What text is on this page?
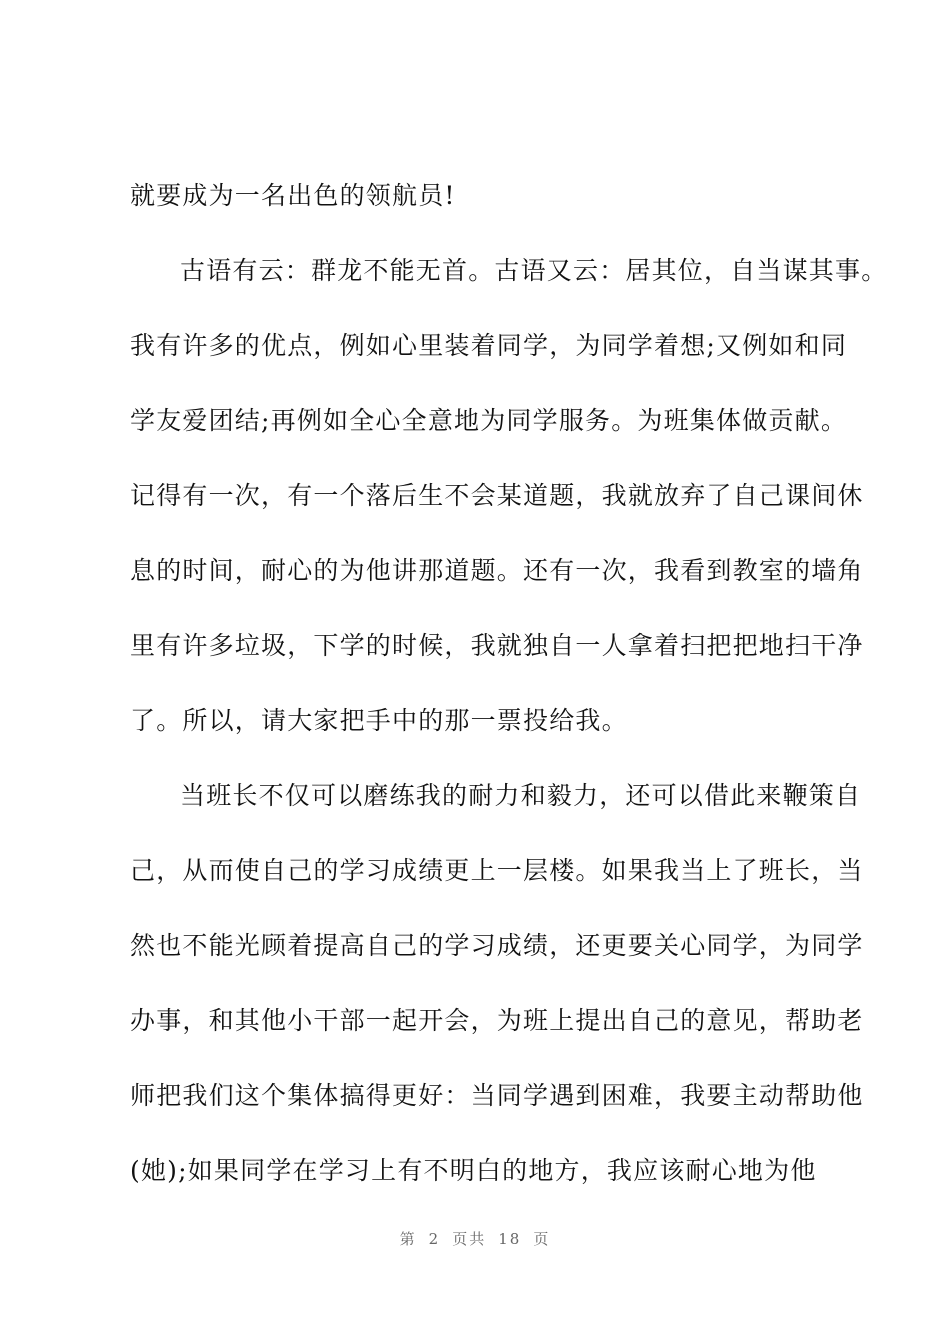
就要成为一名出色的领航员!
古语有云：群龙不能无首。古语又云：居其位，自当谋其事。
我有许多的优点，例如心里装着同学，为同学着想;又例如和同
学友爱团结;再例如全心全意地为同学服务。为班集体做贡献。
记得有一次，有一个落后生不会某道题，我就放弃了自己课间休
息的时间，耐心的为他讲那道题。还有一次，我看到教室的墙角
里有许多垃圾，下学的时候，我就独自一人拿着扫把把地扫干净
了。所以，请大家把手中的那一票投给我。
当班长不仅可以磨练我的耐力和毅力，还可以借此来鞭策自
己，从而使自己的学习成绩更上一层楼。如果我当上了班长，当
然也不能光顾着提高自己的学习成绩，还更要关心同学，为同学
办事，和其他小干部一起开会，为班上提出自己的意见，帮助老
师把我们这个集体搞得更好：当同学遇到困难，我要主动帮助他
(她);如果同学在学习上有不明白的地方，我应该耐心地为他
第 2 页共 18 页
